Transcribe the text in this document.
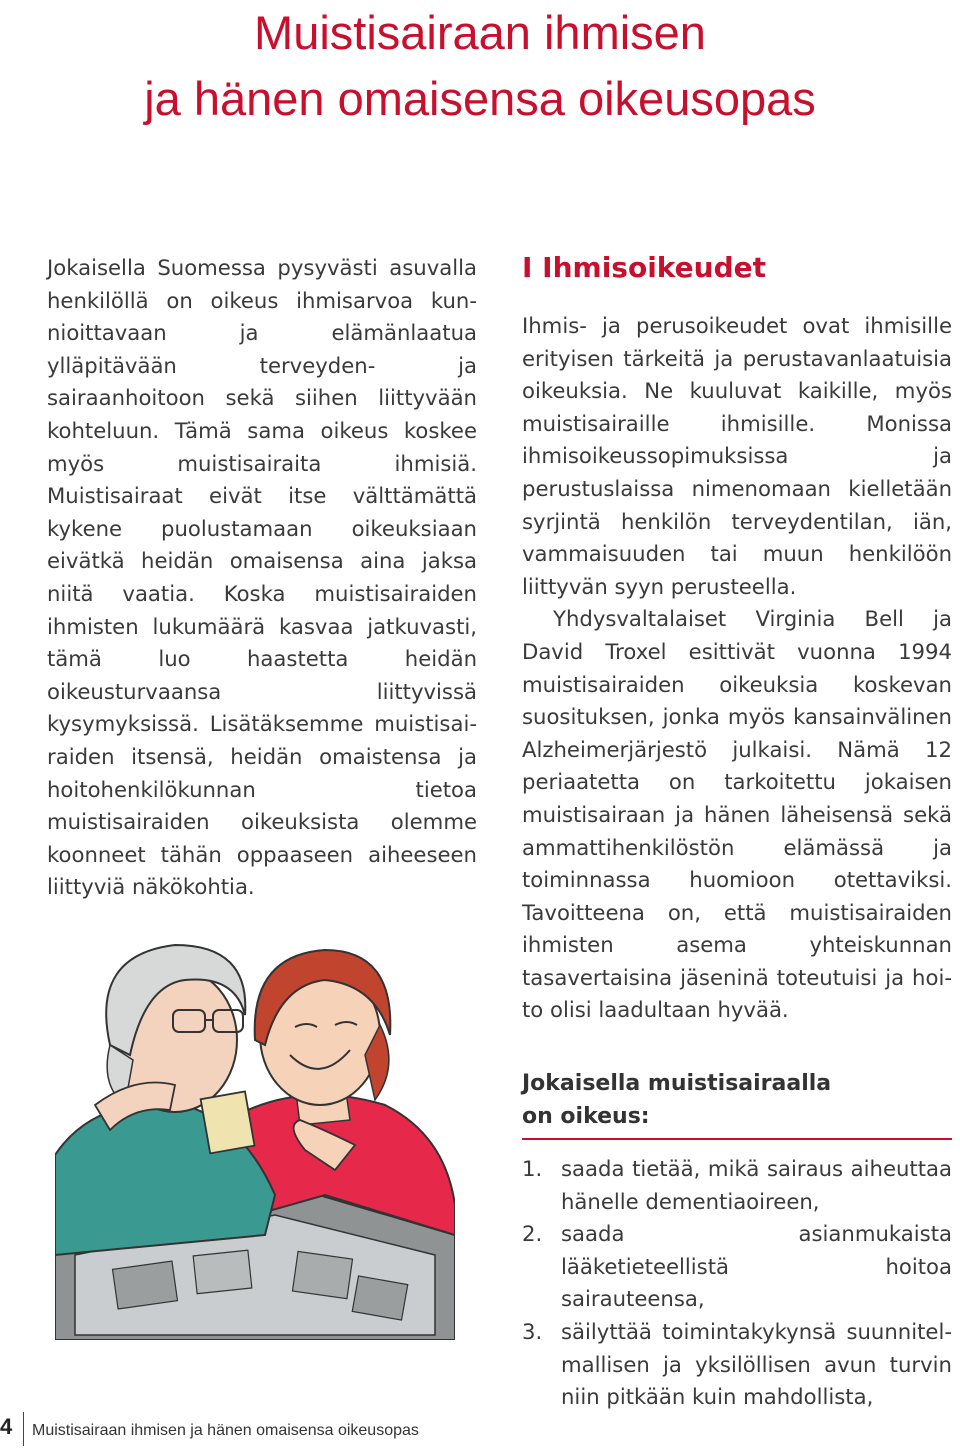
Muistisairaan ihmisen
ja hänen omaisensa oikeusopas

Jokaisella Suomessa pysyvästi asuvalla henkilöllä on oikeus ihmisarvoa kunnioittavaan ja elämänlaatua ylläpitävään terveyden- ja sairaanhoitoon sekä siihen liittyvään kohteluun. Tämä sama oikeus koskee myös muistisairaita ihmisiä. Muistisairaat eivät itse välttämättä kykene puolustamaan oikeuksiaan eivätkä heidän omaisensa aina jaksa niitä vaatia. Koska muistisairaiden ihmisten lukumäärä kasvaa jatkuvasti, tämä luo haastetta heidän oikeusturvaansa liittyvissä kysymyksissä. Lisätäksemme muistisairaiden itsensä, heidän omaistensa ja hoitohenkilökunnan tietoa muistisairaiden oikeuksista olemme koonneet tähän oppaaseen aiheeseen liittyviä näkökohtia.

I Ihmisoikeudet

Ihmis- ja perusoikeudet ovat ihmisille erityisen tärkeitä ja perustavanlaatuisia oikeuksia. Ne kuuluvat kaikille, myös muistisairaille ihmisille. Monissa ihmisoikeussopimuksissa ja perustuslaissa nimenomaan kielletään syrjintä henkilön terveydentilan, iän, vammaisuuden tai muun henkilöön liittyvän syyn perusteella.

Yhdysvaltalaiset Virginia Bell ja David Troxel esittivät vuonna 1994 muistisairaiden oikeuksia koskevan suosituksen, jonka myös kansainvälinen Alzheimerjärjestö julkaisi. Nämä 12 periaatetta on tarkoitettu jokaisen muistisairaan ja hänen läheisensä sekä ammattihenkilöstön elämässä ja toiminnassa huomioon otettaviksi. Tavoitteena on, että muistisairaiden ihmisten asema yhteiskunnan tasavertaisina jäseninä toteutuisi ja hoito olisi laadultaan hyvää.

Jokaisella muistisairaalla
on oikeus:
1. saada tietää, mikä sairaus aiheuttaa hänelle dementiaoireen,
2. saada asianmukaista lääketieteellistä hoitoa sairauteensa,
3. säilyttää toimintakykynsä suunnitelmallisen ja yksilöllisen avun turvin niin pitkään kuin mahdollista,
4 Muistisairaan ihmisen ja hänen omaisensa oikeusopas
